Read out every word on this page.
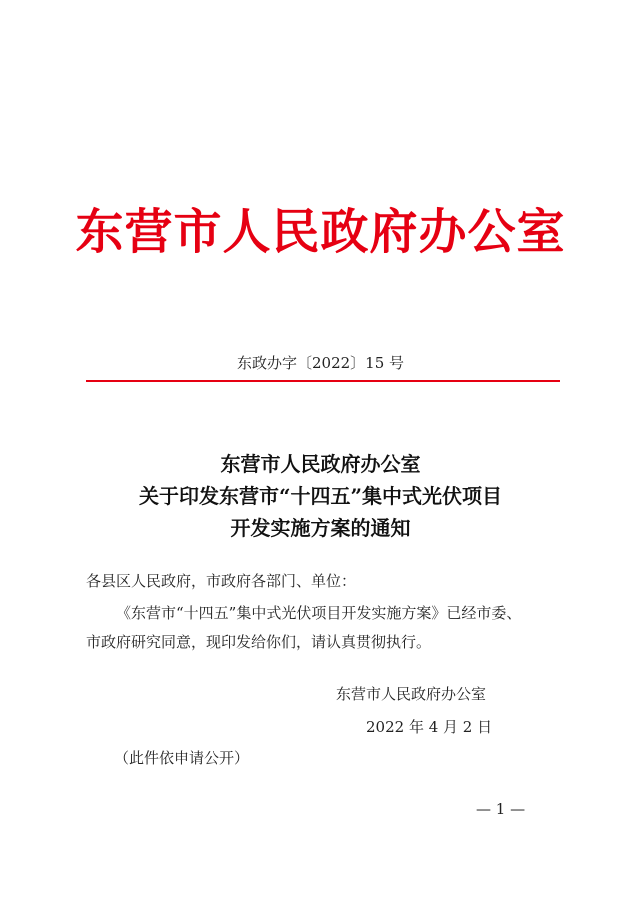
东营市人民政府办公室
东政办字〔2022〕15 号
东营市人民政府办公室
关于印发东营市“十四五”集中式光伏项目
开发实施方案的通知
各县区人民政府，市政府各部门、单位：
《东营市“十四五”集中式光伏项目开发实施方案》已经市委、
市政府研究同意，现印发给你们，请认真贯彻执行。
东营市人民政府办公室
2022 年 4 月 2 日
（此件依申请公开）
— 1 —
